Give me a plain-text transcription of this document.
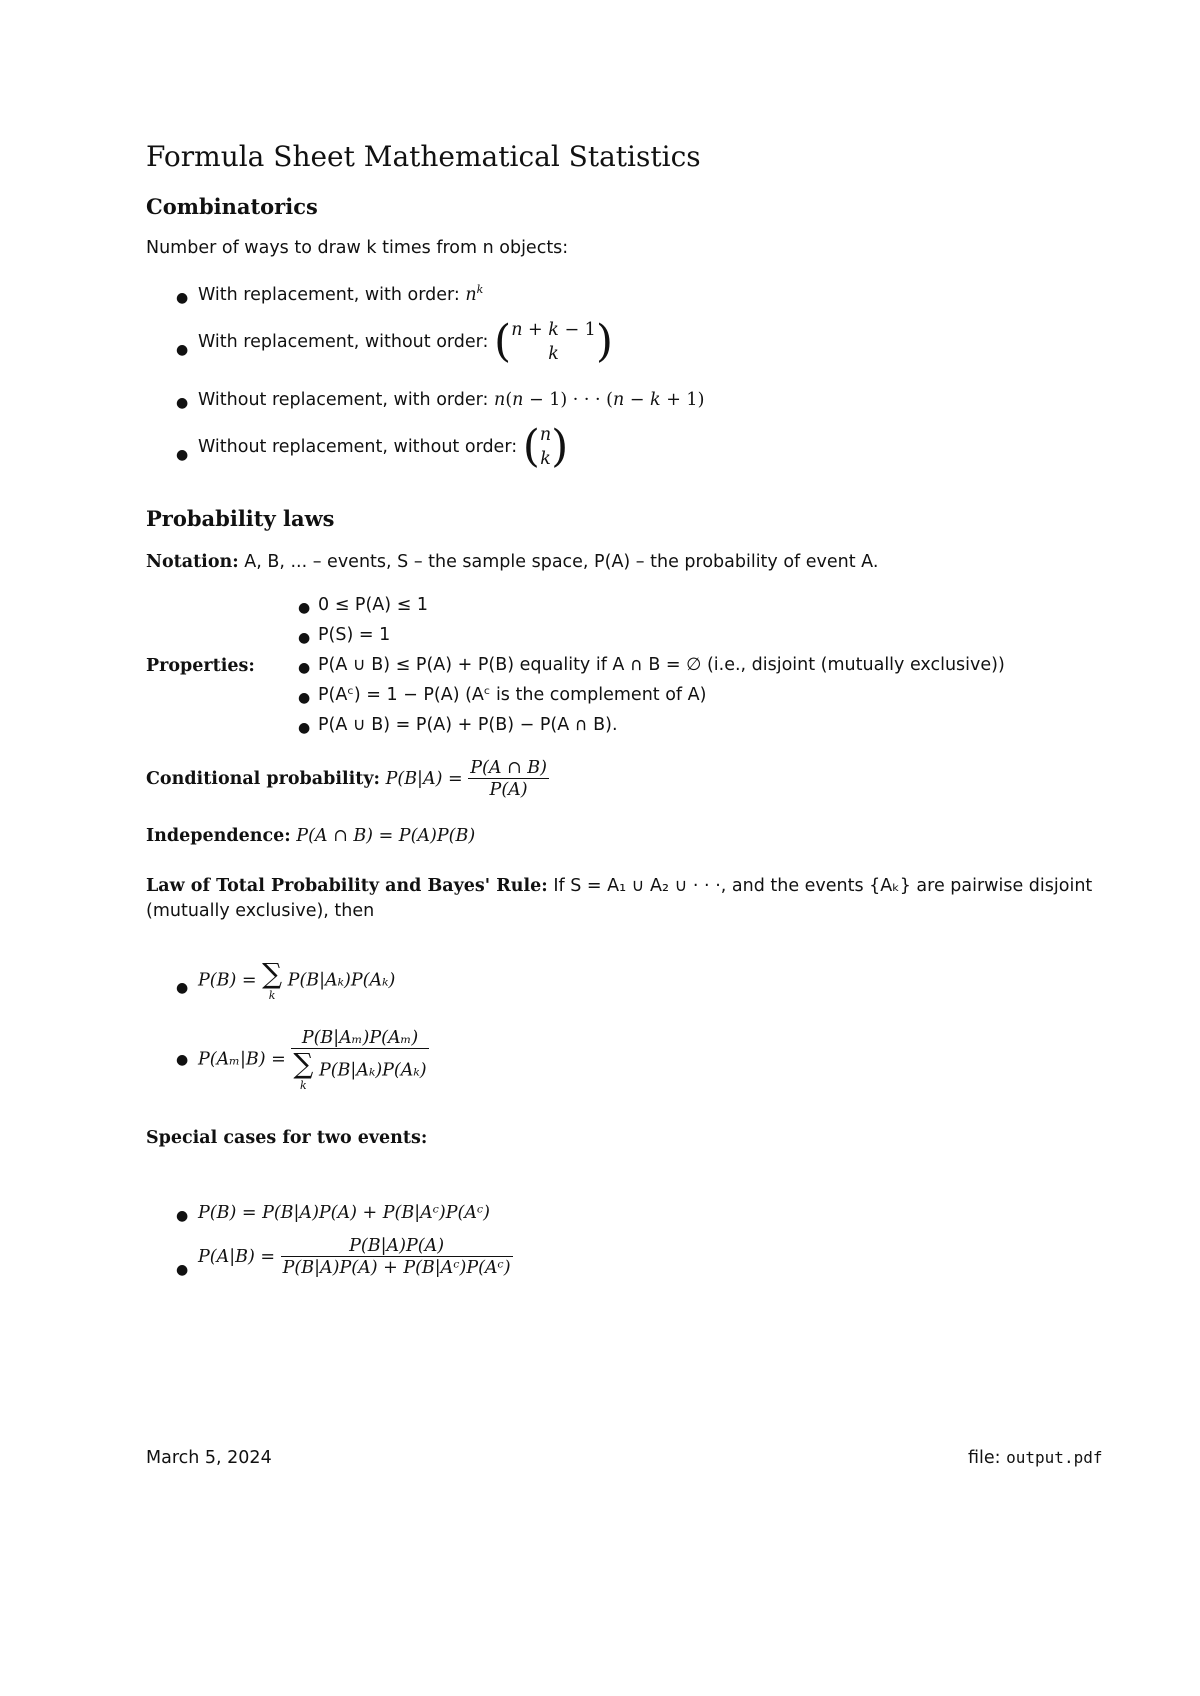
Formula Sheet Mathematical Statistics
Combinatorics
Number of ways to draw k times from n objects:
● With replacement, with order: $n^k$
● With replacement, without order: (n + k − 1
k )
● Without replacement, with order: n(n − 1) · · · (n − k + 1)
● Without replacement, without order: (n
k)
Probability laws
Notation: A, B, ... – events, S – the sample space, P(A) – the probability of event A.
Properties:
● 0 ≤ P(A) ≤ 1
● P(S) = 1
● P(A ∪ B) ≤ P(A) + P(B) equality if A ∩ B = ∅ (i.e., disjoint (mutually exclusive))
● P(Aᶜ) = 1 − P(A) (Aᶜ is the complement of A)
● P(A ∪ B) = P(A) + P(B) − P(A ∩ B).
Conditional probability: $P(B|A) = \frac{P(A \cap B)}{P(A)}$
Independence: P(A ∩ B) = P(A)P(B)
Law of Total Probability and Bayes' Rule: If S = A₁ ∪ A₂ ∪ · · ·, and the events {Aₖ} are pairwise disjoint
(mutually exclusive), then
● P(B) = ∑
k
P(B|Aₖ)P(Aₖ)
● P(Aₘ|B) = P(B|Aₘ)P(Aₘ)
∑
k
P(B|Aₖ)P(Aₖ)
Special cases for two events:
● P(B) = P(B|A)P(A) + P(B|Aᶜ)P(Aᶜ)
●
$P(A|B) = \frac{P(B|A)P(A)}{\text{P(B|A)P(A) + P(B|Aᶜ)P(Aᶜ)}}$
March 5, 2024	file: output.pdf
